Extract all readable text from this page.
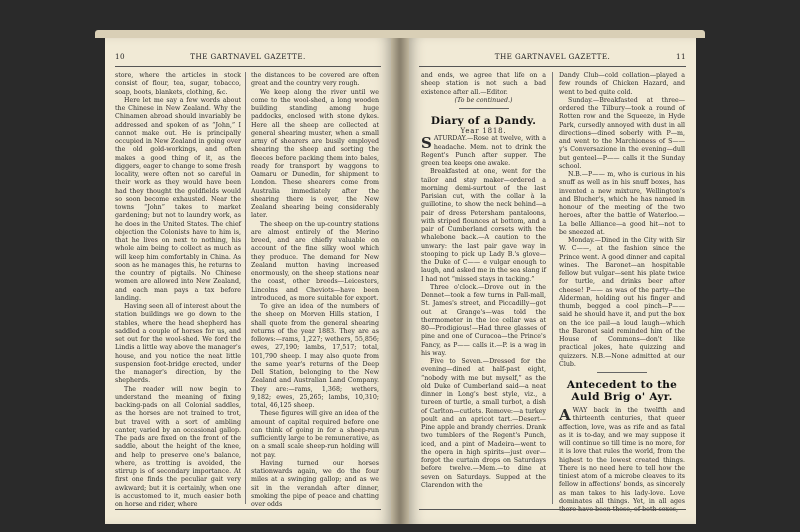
10	THE GARTNAVEL GAZETTE.

store, where the articles in stock consist of flour, tea, sugar, tobacco, soap, boots, blankets, clothing, &c.

Here let me say a few words about the Chinese in New Zealand. Why the Chinamen abroad should invariably be addressed and spoken of as “John,” I cannot make out. He is principally occupied in New Zealand in going over the old gold-workings, and often makes a good thing of it, as the diggers, eager to change to some fresh locality, were often not so careful in their work as they would have been had they thought the goldfields would so soon become exhausted. Near the towns “John” takes to market gardening; but not to laundry work, as he does in the United States. The chief objection the Colonists have to him is, that he lives on next to nothing, his whole aim being to collect as much as will keep him comfortably in China. As soon as he manages this, he returns to the country of pigtails. No Chinese women are allowed into New Zealand, and each man pays a tax before landing.

Having seen all of interest about the station buildings we go down to the stables, where the head shepherd has saddled a couple of horses for us, and set out for the wool-shed. We ford the Lindis a little way above the manager's house, and you notice the neat little suspension foot-bridge erected, under the manager's direction, by the shepherds.

The reader will now begin to understand the meaning of fixing backing-pads on all Colonial saddles, as the horses are not trained to trot, but travel with a sort of ambling canter, varied by an occasional gallop. The pads are fixed on the front of the saddle, about the height of the knee, and help to preserve one's balance, where, as trotting is avoided, the stirrup is of secondary importance. At first one finds the peculiar gait very awkward; but it is certainly, when one is accustomed to it, much easier both on horse and rider, where

the distances to be covered are often great and the country very rough.

We keep along the river until we come to the wool-shed, a long wooden building standing among huge paddocks, enclosed with stone dykes. Here all the sheep are collected at general shearing muster, when a small army of shearers are busily employed shearing the sheep and sorting the fleeces before packing them into bales, ready for transport by waggons to Oamaru or Dunedin, for shipment to London. These shearers come from Australia immediately after the shearing there is over, the New Zealand shearing being considerably later.

The sheep on the up-country stations are almost entirely of the Merino breed, and are chiefly valuable on account of the fine silky wool which they produce. The demand for New Zealand mutton having increased enormously, on the sheep stations near the coast, other breeds—Leicesters, Lincolns and Cheviots—have been introduced, as more suitable for export.

To give an idea of the numbers of the sheep on Morven Hills station, I shall quote from the general shearing returns of the year 1883. They are as follows:—rams, 1,227; wethers, 55,856; ewes, 27,190; lambs, 17,517; total, 101,790 sheep. I may also quote from the same year's returns of the Deep Dell Station, belonging to the New Zealand and Australian Land Company. They are:—rams, 1,368; wethers, 9,182; ewes, 25,265; lambs, 10,310; total, 46,125 sheep.

These figures will give an idea of the amount of capital required before one can think of going in for a sheep-run sufficiently large to be remunerative, as on a small scale sheep-run holding will not pay.

Having turned our horses stationwards again, we do the four miles at a swinging gallop; and as we sit in the verandah after dinner, smoking the pipe of peace and chatting over odds

THE GARTNAVEL GAZETTE.	11

and ends, we agree that life on a sheep station is not such a bad existence after all.—Editor.

(To be continued.)

Diary of a Dandy.

Year 1818.

SATURDAY.—Rose at twelve, with a headache. Mem. not to drink the Regent's Punch after supper. The green tea keeps one awake.

Breakfasted at one, went for the tailor and stay maker—ordered a morning demi-surtout of the last Parisian cut, with the collar à la guillotine, to show the neck behind—a pair of dress Petersham pantaloons, with striped flounces at bottom, and a pair of Cumberland corsets with the whalebone back.—A caution to the unwary: the last pair gave way in stooping to pick up Lady B.'s glove—the Duke of C—— e vulgar enough to laugh, and asked me in the sea slang if I had not “missed stays in tacking.”

Three o'clock.—Drove out in the Dennet—took a few turns in Pall-mall, St. James's street, and Piccadilly—got out at Grange's—was told the thermometer in the ice cellar was at 80—Prodigious!—Had three glasses of pine and one of Curacoa—the Prince's Fancy, as P—— calls it.—P. is a wag in his way.

Five to Seven.—Dressed for the evening—dined at half-past eight, “nobody with me but myself,” as the old Duke of Cumberland said—a neat dinner in Long's best style, viz., a tureen of turtle, a small turbot, a dish of Carlton—cutlets. Remove:—a turkey poult and an apricot tart.—Desert—Pine apple and brandy cherries. Drank two tumblers of the Regent's Punch, iced, and a pint of Madeira—went to the opera in high spirits—just over—forgot the curtain drops on Saturdays before twelve.—Mem.—to dine at seven on Saturdays. Supped at the Clarendon with the

Dandy Club—cold collation—played a few rounds of Chicken Hazard, and went to bed quite cold.

Sunday.—Breakfasted at three—ordered the Tilbury—took a round of Rotten row and the Squeeze, in Hyde Park, cursedly annoyed with dust in all directions—dined soberly with P—m, and went to the Marchioness of S——y's Conversazione in the evening—dull but genteel—P—— calls it the Sunday school.

N.B.—P—— m, who is curious in his snuff as well as in his snuff boxes, has invented a new mixture, Wellington's and Blucher's, which he has named in honour of the meeting of the two heroes, after the battle of Waterloo.—La belle Alliance—a good hit—not to be sneezed at.

Monday.—Dined in the City with Sir W. C——, at the fashion since the Prince went. A good dinner and capital wines. The Baronet—an hospitable fellow but vulgar—sent his plate twice for turtle, and drinks beer after cheese! P—— as was of the party—the Alderman, holding out his finger and thumb, begged a cool pinch—P—— said he should have it, and put the box on the ice pail—a loud laugh—which the Baronet said reminded him of the House of Commons—don't like practical jokes, hate quizzing and quizzers. N.B.—None admitted at our Club.

Antecedent to the Auld Brig o' Ayr.

AWAY back in the twelfth and thirteenth centuries, that queer affection, love, was as rife and as fatal as it is to-day, and we may suppose it will continue so till time is no more, for it is love that rules the world, from the highest to the lowest created things. There is no need here to tell how the tiniest atom of a microbe cleaves to its fellow in affections' bonds, as sincerely as man takes to his lady-love. Love dominates all things. Yet, in all ages there have been those, of both sexes,
